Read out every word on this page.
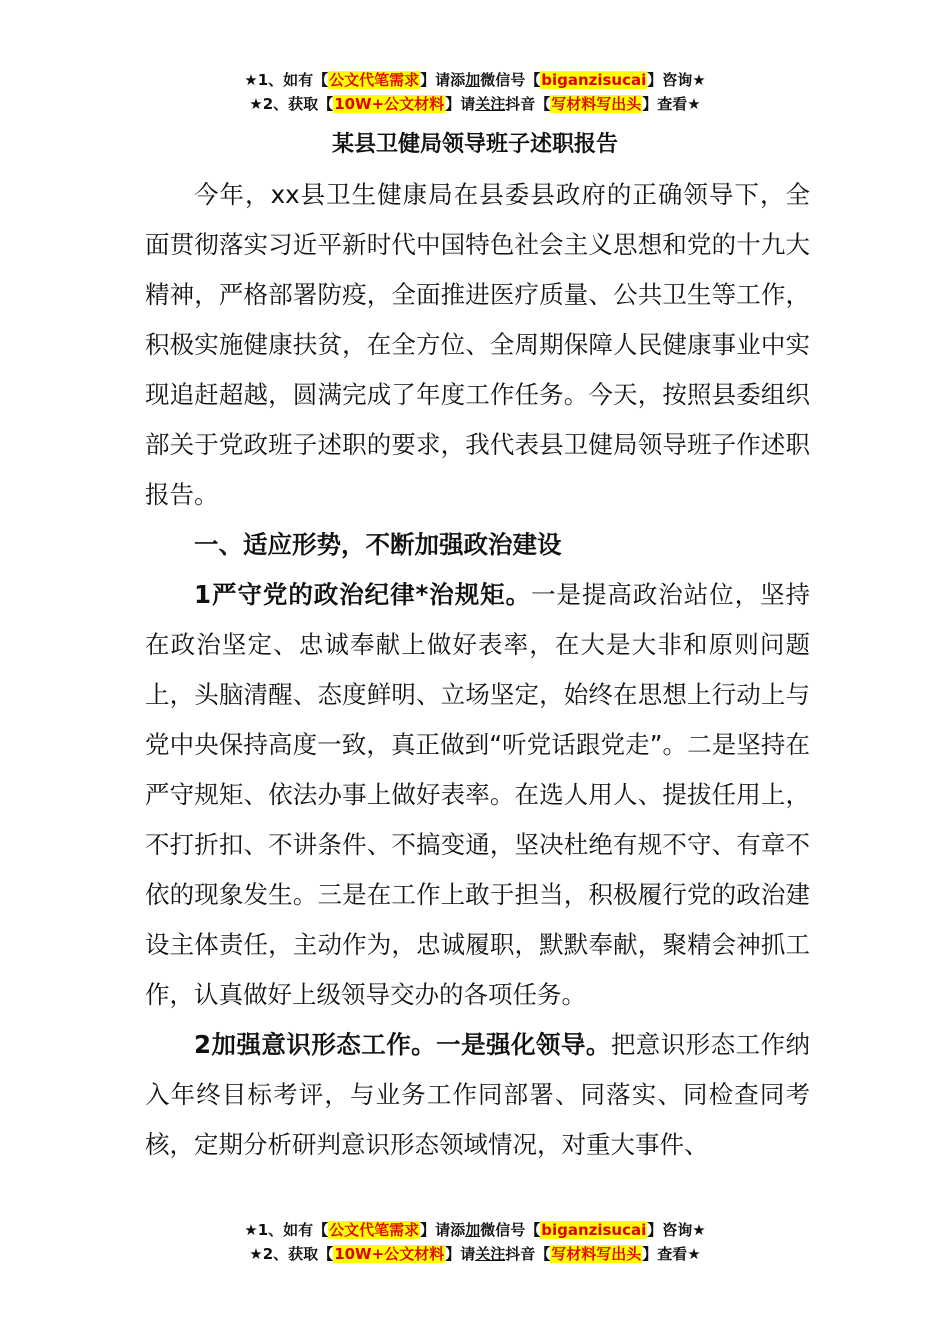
★1、如有【公文代笔需求】请添加微信号【biganzisucai】咨询★
★2、获取【10W+公文材料】请关注抖音【写材料写出头】查看★
某县卫健局领导班子述职报告

今年，xx县卫生健康局在县委县政府的正确领导下，全面贯彻落实习近平新时代中国特色社会主义思想和党的十九大精神，严格部署防疫，全面推进医疗质量、公共卫生等工作，积极实施健康扶贫，在全方位、全周期保障人民健康事业中实现追赶超越，圆满完成了年度工作任务。今天，按照县委组织部关于党政班子述职的要求，我代表县卫健局领导班子作述职报告。

一、适应形势，不断加强政治建设

1严守党的政治纪律*治规矩。一是提高政治站位，坚持在政治坚定、忠诚奉献上做好表率，在大是大非和原则问题上，头脑清醒、态度鲜明、立场坚定，始终在思想上行动上与党中央保持高度一致，真正做到“听党话跟党走”。二是坚持在严守规矩、依法办事上做好表率。在选人用人、提拔任用上，不打折扣、不讲条件、不搞变通，坚决杜绝有规不守、有章不依的现象发生。三是在工作上敢于担当，积极履行党的政治建设主体责任，主动作为，忠诚履职，默默奉献，聚精会神抓工作，认真做好上级领导交办的各项任务。

2加强意识形态工作。一是强化领导。把意识形态工作纳入年终目标考评，与业务工作同部署、同落实、同检查同考核，定期分析研判意识形态领域情况，对重大事件、

★1、如有【公文代笔需求】请添加微信号【biganzisucai】咨询★
★2、获取【10W+公文材料】请关注抖音【写材料写出头】查看★
